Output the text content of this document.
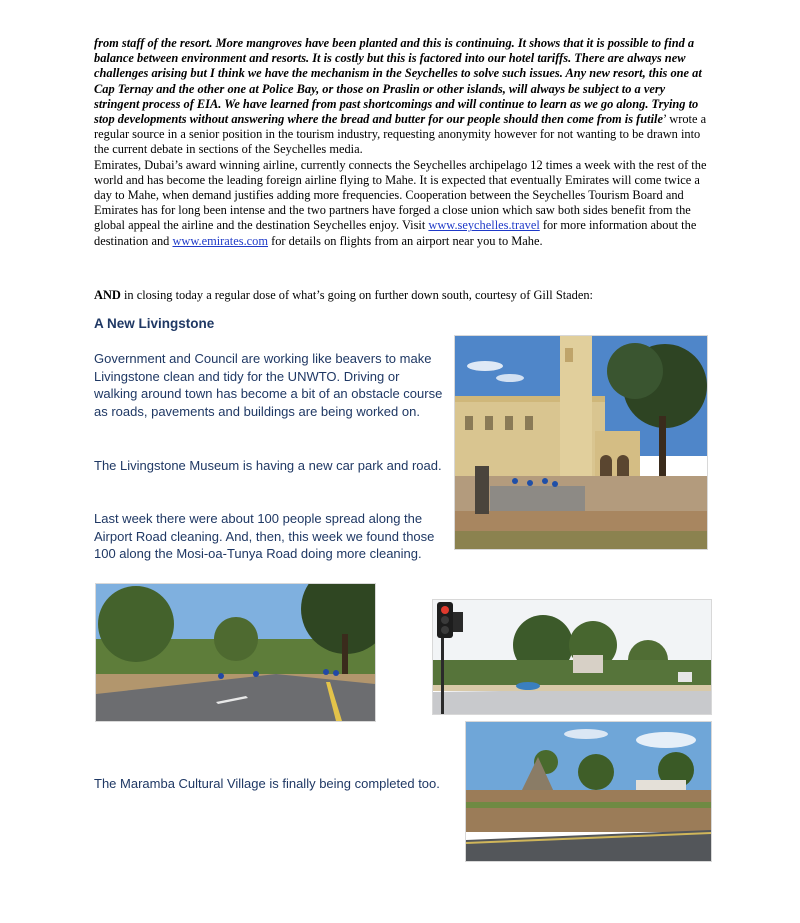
from staff of the resort. More mangroves have been planted and this is continuing. It shows that it is possible to find a balance between environment and resorts. It is costly but this is factored into our hotel tariffs. There are always new challenges arising but I think we have the mechanism in the Seychelles to solve such issues. Any new resort, this one at Cap Ternay and the other one at Police Bay, or those on Praslin or other islands, will always be subject to a very stringent process of EIA. We have learned from past shortcomings and will continue to learn as we go along. Trying to stop developments without answering where the bread and butter for our people should then come from is futile’ wrote a regular source in a senior position in the tourism industry, requesting anonymity however for not wanting to be drawn into the current debate in sections of the Seychelles media.
Emirates, Dubai’s award winning airline, currently connects the Seychelles archipelago 12 times a week with the rest of the world and has become the leading foreign airline flying to Mahe. It is expected that eventually Emirates will come twice a day to Mahe, when demand justifies adding more frequencies. Cooperation between the Seychelles Tourism Board and Emirates has for long been intense and the two partners have forged a close union which saw both sides benefit from the global appeal the airline and the destination Seychelles enjoy. Visit www.seychelles.travel for more information about the destination and www.emirates.com for details on flights from an airport near you to Mahe.

AND in closing today a regular dose of what’s going on further down south, courtesy of Gill Staden:

A New Livingstone

Government and Council are working like beavers to make Livingstone clean and tidy for the UNWTO. Driving or walking around town has become a bit of an obstacle course as roads, pavements and buildings are being worked on.

The Livingstone Museum is having a new car park and road.

Last week there were about 100 people spread along the Airport Road cleaning. And, then, this week we found those 100 along the Mosi-oa-Tunya Road doing more cleaning.

The Maramba Cultural Village is finally being completed too.
